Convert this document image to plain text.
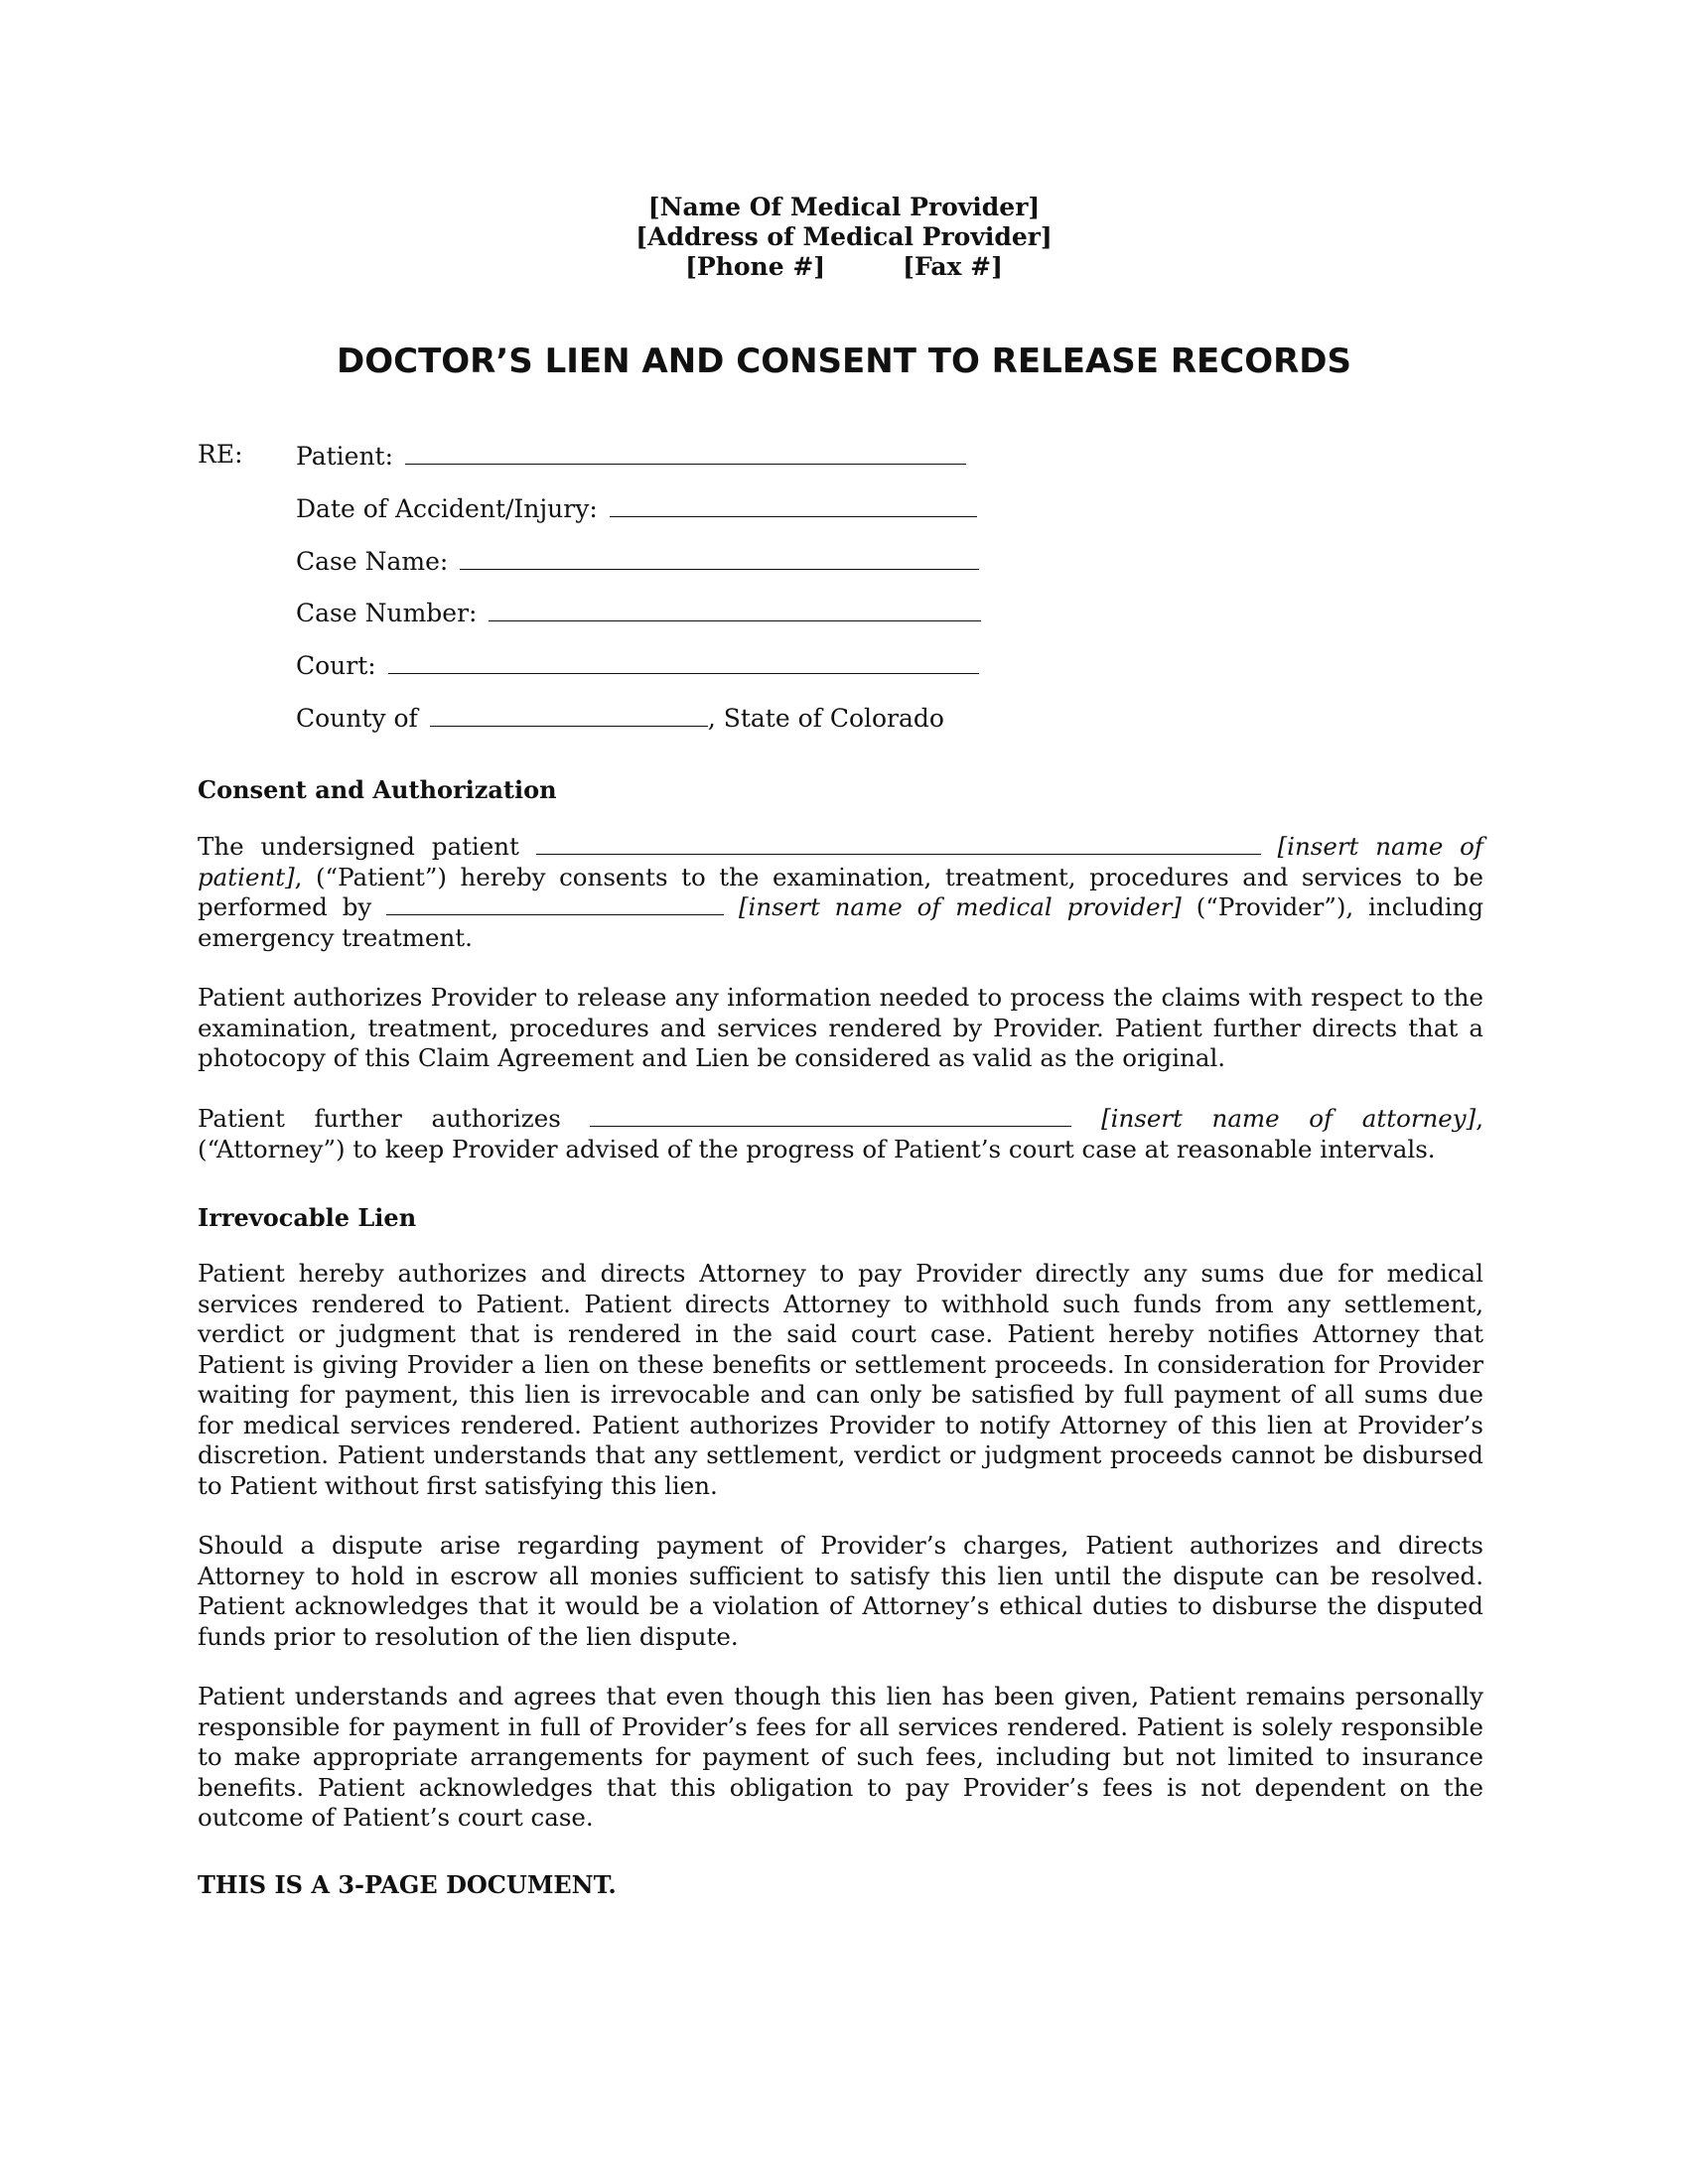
[Name Of Medical Provider]
[Address of Medical Provider]
[Phone #]	[Fax #]
DOCTOR’S LIEN AND CONSENT TO RELEASE RECORDS
RE: Patient:
Date of Accident/Injury:
Case Name:
Case Number:
Court:
County of	, State of Colorado
Consent and Authorization
The undersigned patient	[insert name of patient], (“Patient”) hereby consents to the examination, treatment, procedures and services to be performed by	[insert name of medical provider] (“Provider”), including emergency treatment.
Patient authorizes Provider to release any information needed to process the claims with respect to the examination, treatment, procedures and services rendered by Provider. Patient further directs that a photocopy of this Claim Agreement and Lien be considered as valid as the original.
Patient further authorizes	[insert name of attorney], (“Attorney”) to keep Provider advised of the progress of Patient’s court case at reasonable intervals.
Irrevocable Lien
Patient hereby authorizes and directs Attorney to pay Provider directly any sums due for medical services rendered to Patient. Patient directs Attorney to withhold such funds from any settlement, verdict or judgment that is rendered in the said court case. Patient hereby notifies Attorney that Patient is giving Provider a lien on these benefits or settlement proceeds. In consideration for Provider waiting for payment, this lien is irrevocable and can only be satisfied by full payment of all sums due for medical services rendered. Patient authorizes Provider to notify Attorney of this lien at Provider’s discretion. Patient understands that any settlement, verdict or judgment proceeds cannot be disbursed to Patient without first satisfying this lien.
Should a dispute arise regarding payment of Provider’s charges, Patient authorizes and directs Attorney to hold in escrow all monies sufficient to satisfy this lien until the dispute can be resolved. Patient acknowledges that it would be a violation of Attorney’s ethical duties to disburse the disputed funds prior to resolution of the lien dispute.
Patient understands and agrees that even though this lien has been given, Patient remains personally responsible for payment in full of Provider’s fees for all services rendered. Patient is solely responsible to make appropriate arrangements for payment of such fees, including but not limited to insurance benefits. Patient acknowledges that this obligation to pay Provider’s fees is not dependent on the outcome of Patient’s court case.
THIS IS A 3-PAGE DOCUMENT.
